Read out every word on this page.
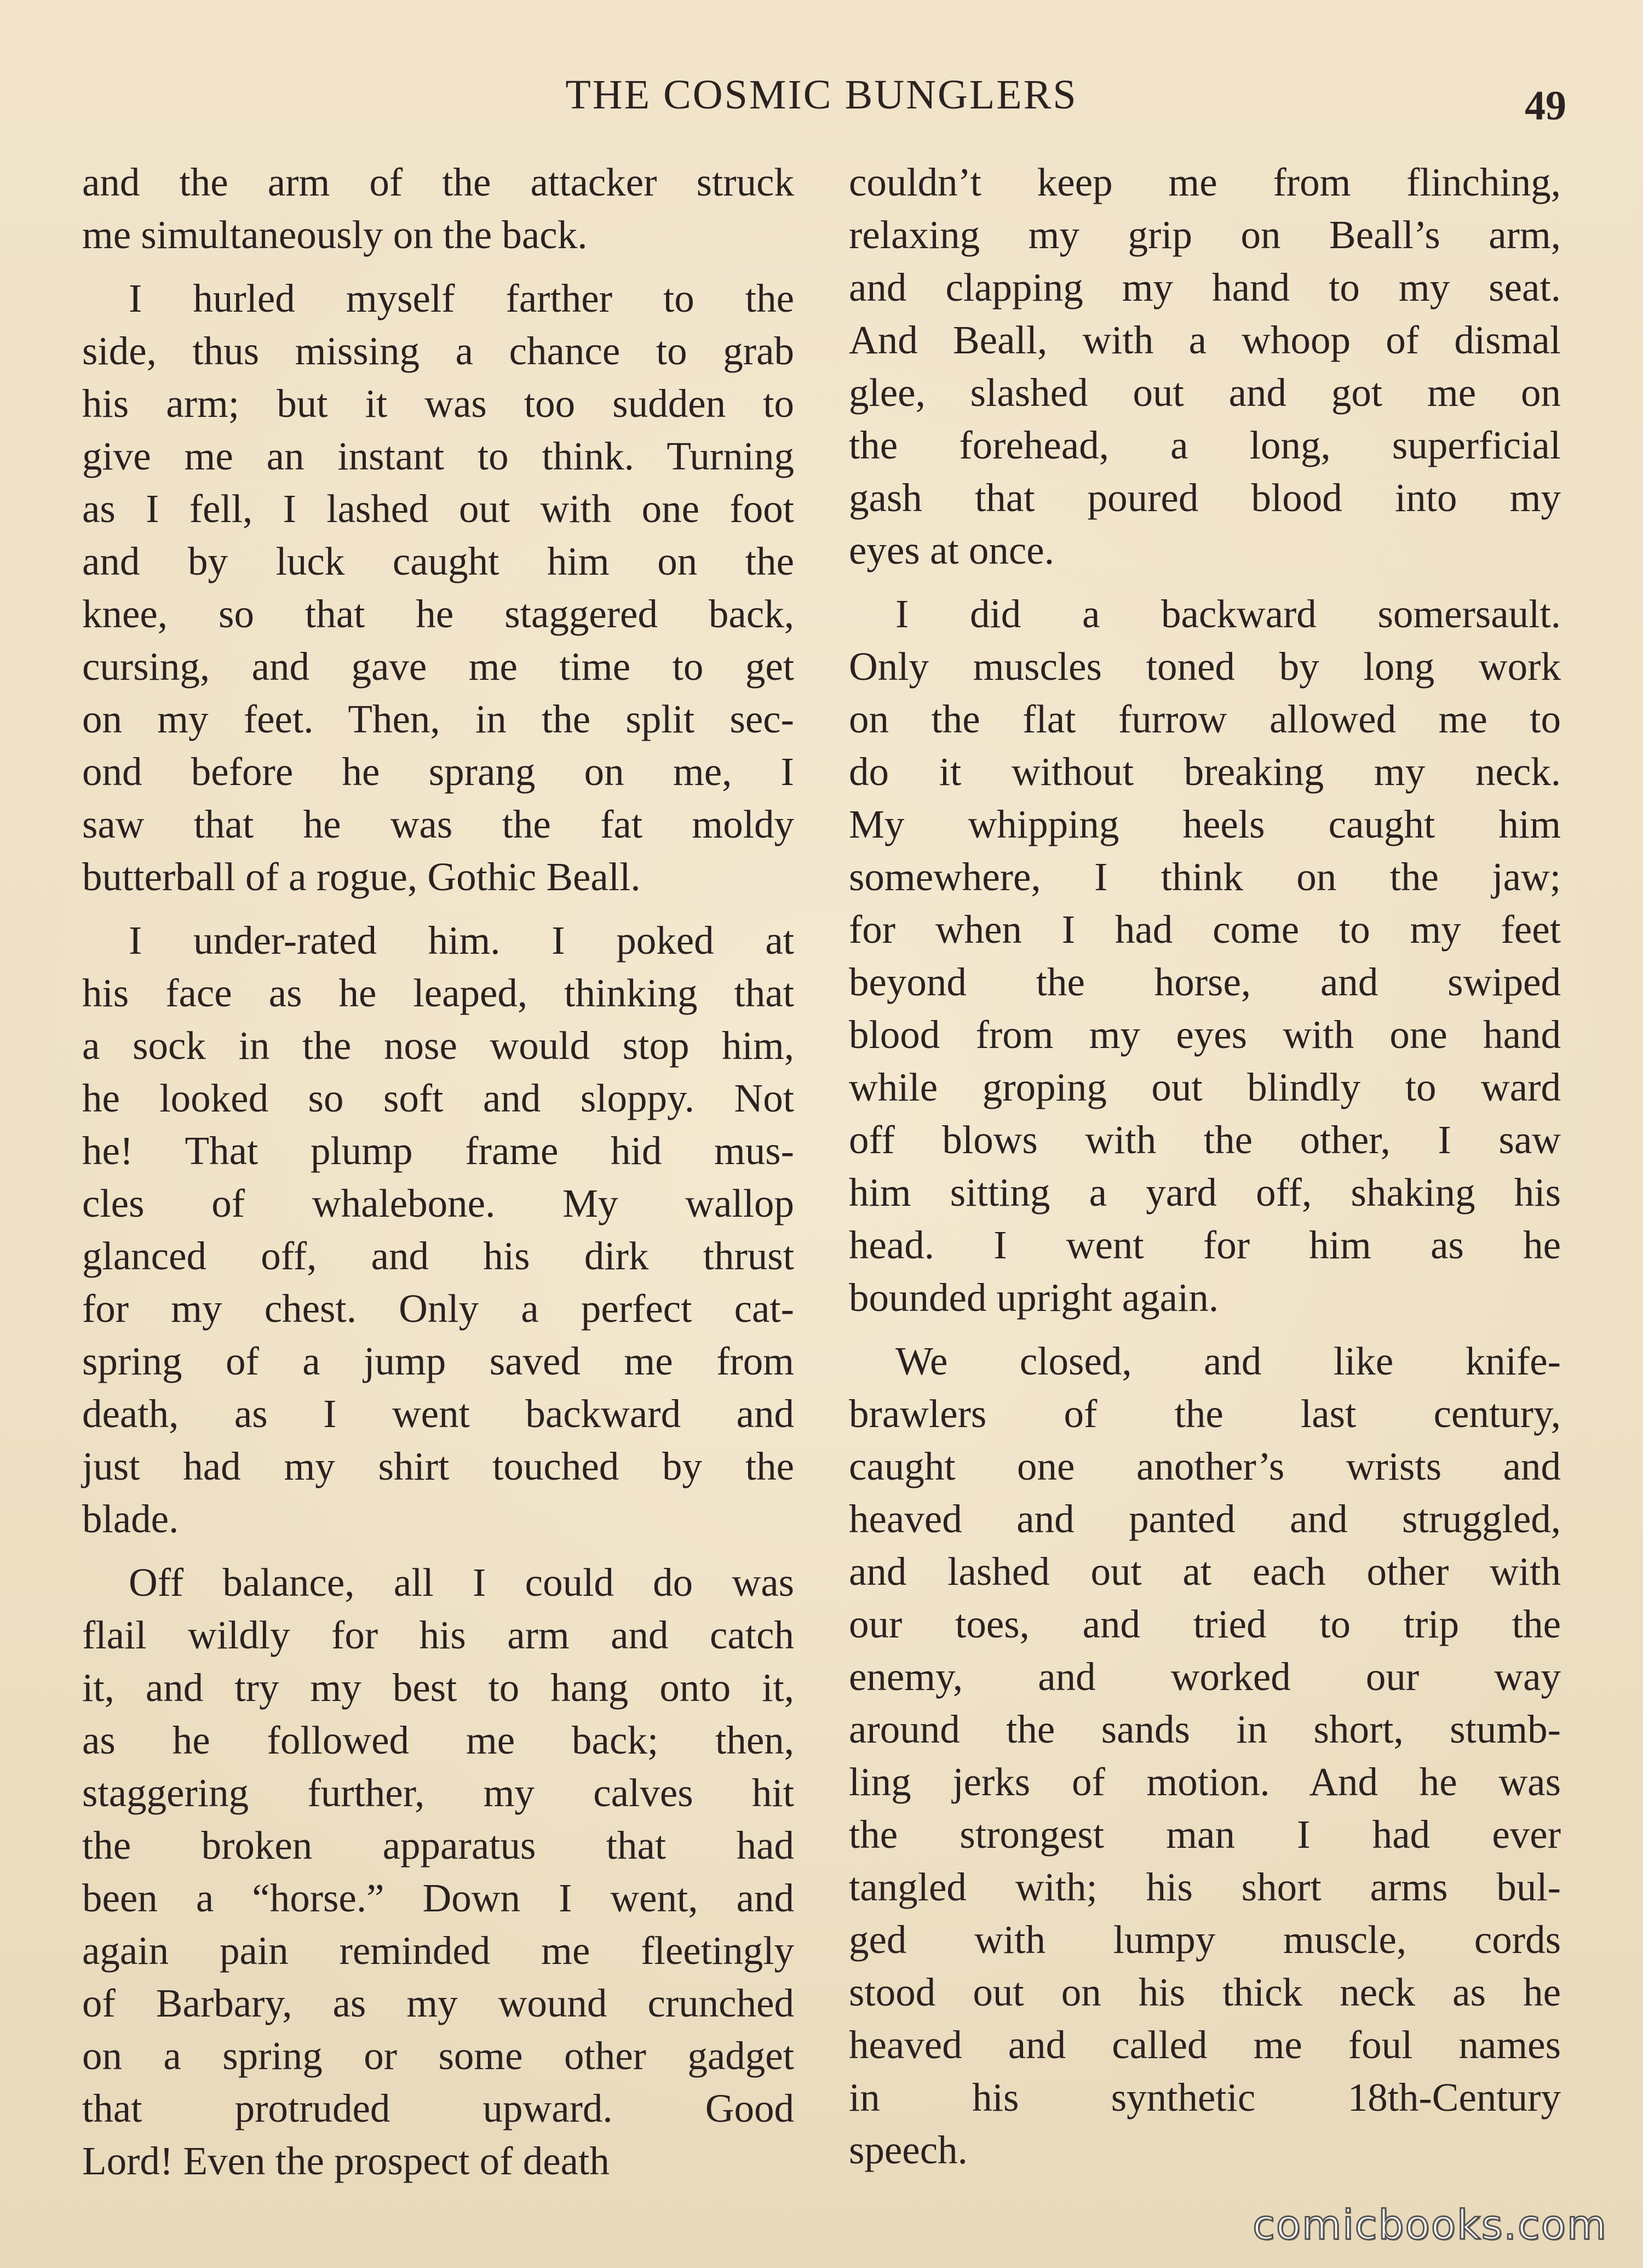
THE COSMIC BUNGLERS	49
and the arm of the attacker struck
me simultaneously on the back.
I hurled myself farther to the
side, thus missing a chance to grab
his arm; but it was too sudden to
give me an instant to think. Turning
as I fell, I lashed out with one foot
and by luck caught him on the
knee, so that he staggered back,
cursing, and gave me time to get
on my feet. Then, in the split sec-
ond before he sprang on me, I
saw that he was the fat moldy
butterball of a rogue, Gothic Beall.
I under-rated him. I poked at
his face as he leaped, thinking that
a sock in the nose would stop him,
he looked so soft and sloppy. Not
he! That plump frame hid mus-
cles of whalebone. My wallop
glanced off, and his dirk thrust
for my chest. Only a perfect cat-
spring of a jump saved me from
death, as I went backward and
just had my shirt touched by the
blade.
Off balance, all I could do was
flail wildly for his arm and catch
it, and try my best to hang onto it,
as he followed me back; then,
staggering further, my calves hit
the broken apparatus that had
been a “horse.” Down I went, and
again pain reminded me fleetingly
of Barbary, as my wound crunched
on a spring or some other gadget
that protruded upward. Good
Lord! Even the prospect of death
couldn’t keep me from flinching,
relaxing my grip on Beall’s arm,
and clapping my hand to my seat.
And Beall, with a whoop of dismal
glee, slashed out and got me on
the forehead, a long, superficial
gash that poured blood into my
eyes at once.
I did a backward somersault.
Only muscles toned by long work
on the flat furrow allowed me to
do it without breaking my neck.
My whipping heels caught him
somewhere, I think on the jaw;
for when I had come to my feet
beyond the horse, and swiped
blood from my eyes with one hand
while groping out blindly to ward
off blows with the other, I saw
him sitting a yard off, shaking his
head. I went for him as he
bounded upright again.
We closed, and like knife-
brawlers of the last century,
caught one another’s wrists and
heaved and panted and struggled,
and lashed out at each other with
our toes, and tried to trip the
enemy, and worked our way
around the sands in short, stumb-
ling jerks of motion. And he was
the strongest man I had ever
tangled with; his short arms bul-
ged with lumpy muscle, cords
stood out on his thick neck as he
heaved and called me foul names
in his synthetic 18th-Century
speech.
comicbooks.com
